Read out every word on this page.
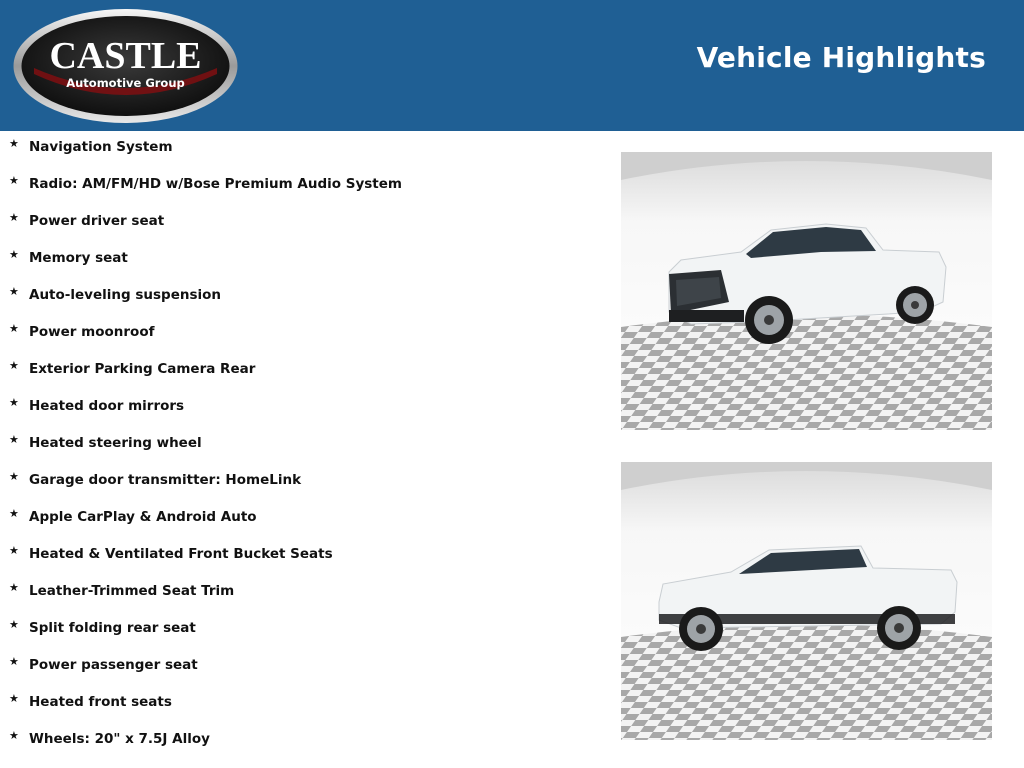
CASTLE
Automotive Group
Vehicle Highlights
★ Navigation System
★ Radio: AM/FM/HD w/Bose Premium Audio System
★ Power driver seat
★ Memory seat
★ Auto-leveling suspension
★ Power moonroof
★ Exterior Parking Camera Rear
★ Heated door mirrors
★ Heated steering wheel
★ Garage door transmitter: HomeLink
★ Apple CarPlay & Android Auto
★ Heated & Ventilated Front Bucket Seats
★ Leather-Trimmed Seat Trim
★ Split folding rear seat
★ Power passenger seat
★ Heated front seats
★ Wheels: 20" x 7.5J Alloy
